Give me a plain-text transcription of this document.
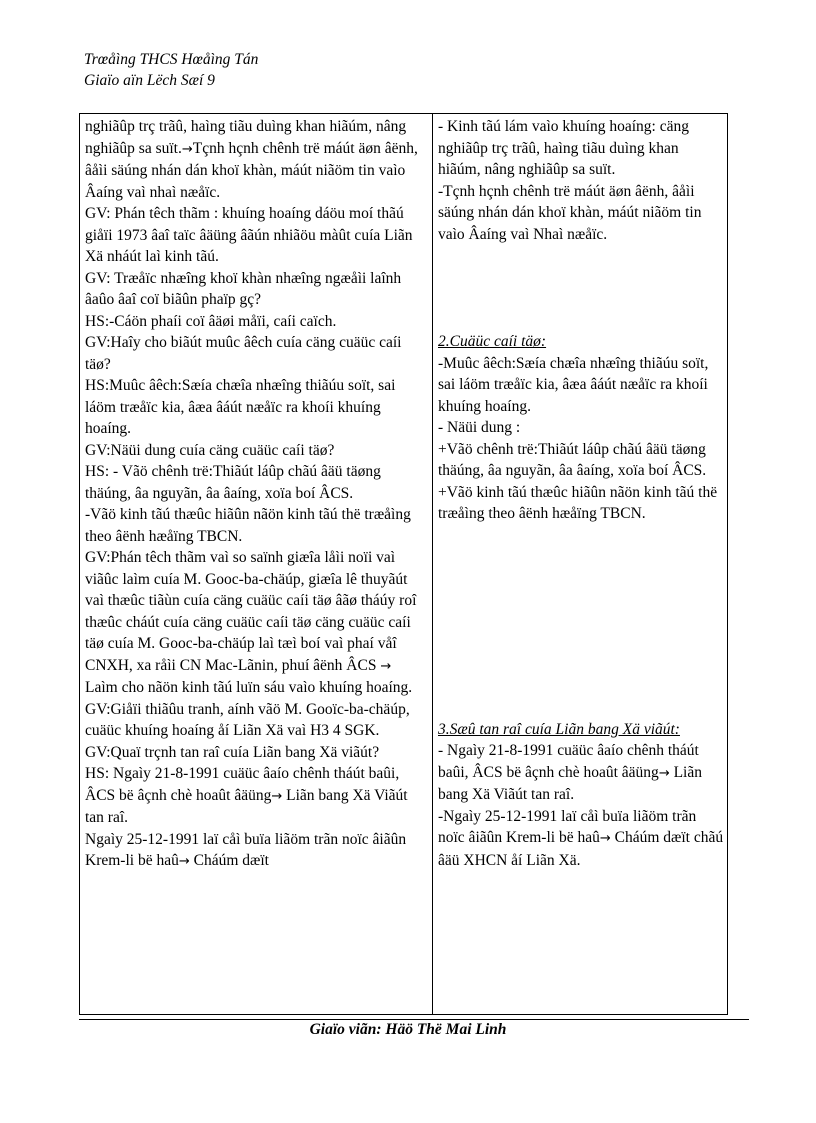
Trœåìng THCS Hœåìng Tán
Giaïo aïn Lëch Sæí 9

nghiãûp trç trãû, haìng tiãu duìng khan hiãúm, nâng nghiãûp sa suït.→Tçnh hçnh chênh trë máút äøn âënh, âåìi säúng nhán dán khoï khàn, máút niãöm tin vaìo Âaíng vaì nhaì næåïc.

GV: Phán têch thãm : khuíng hoaíng dáöu moí thãú giåïi 1973 âaî taïc âäüng âãún nhiãöu màût cuía Liãn Xä nháút laì kinh tãú.

GV: Træåïc nhæîng khoï khàn nhæîng ngæåìi laînh âaûo âaî coï biãûn phaïp gç?

HS:-Cáön phaíi coï âäøi måïi, caíi caïch.

GV:Haîy cho biãút muûc âêch cuía cäng cuäüc caíi täø?

HS:Muûc âêch:Sæía chæîa nhæîng thiãúu soït, sai láöm træåïc kia, âæa âáút næåïc ra khoíi khuíng hoaíng.

GV:Näüi dung cuía cäng cuäüc caíi täø?

HS: - Vãö chênh trë:Thiãút láûp chãú âäü täøng thäúng, âa nguyãn, âa âaíng, xoïa boí ÂCS.

-Vãö kinh tãú thæûc hiãûn nãön kinh tãú thë træåìng theo âënh hæåïng TBCN.

GV:Phán têch thãm vaì so saïnh giæîa låìi noïi vaì viãûc laìm cuía M. Gooc-ba-chäúp, giæîa lê thuyãút vaì thæûc tiãùn cuía cäng cuäüc caíi täø âãø tháúy roî thæûc cháút cuía cäng cuäüc caíi täø cäng cuäüc caíi täø cuía M. Gooc-ba-chäúp laì tæì boí vaì phaí våî CNXH, xa råìi CN Mac-Lãnin, phuí âënh ÂCS → Laìm cho nãön kinh tãú luïn sáu vaìo khuíng hoaíng.

GV:Giåïi thiãûu tranh, aính vãö M. Gooïc-ba-chäúp, cuäüc khuíng hoaíng åí Liãn Xä vaì H3 4 SGK.

GV:Quaï trçnh tan raî cuía Liãn bang Xä viãút?

HS: Ngaìy 21-8-1991 cuäüc âaío chênh tháút baûi, ÂCS bë âçnh chè hoaût âäüng→ Liãn bang Xä Viãút tan raî.

Ngaìy 25-12-1991 laï cåì buïa liãöm trãn noïc âiãûn Krem-li bë haû→ Cháúm dæït

- Kinh tãú lám vaìo khuíng hoaíng: cäng nghiãûp trç trãû, haìng tiãu duìng khan hiãúm, nâng nghiãûp sa suït.

-Tçnh hçnh chênh trë máút äøn âënh, âåìi säúng nhán dán khoï khàn, máút niãöm tin vaìo Âaíng vaì Nhaì næåïc.

2.Cuäüc caíi täø:

-Muûc âêch:Sæía chæîa nhæîng thiãúu soït, sai láöm træåïc kia, âæa âáút næåïc ra khoíi khuíng hoaíng.

- Näüi dung :

+Vãö chênh trë:Thiãút láûp chãú âäü täøng thäúng, âa nguyãn, âa âaíng, xoïa boí ÂCS.

+Vãö kinh tãú thæûc hiãûn nãön kinh tãú thë træåìng theo âënh hæåïng TBCN.

3.Sæû tan raî cuía Liãn bang Xä viãút:

- Ngaìy 21-8-1991 cuäüc âaío chênh tháút baûi, ÂCS bë âçnh chè hoaût âäüng→ Liãn bang Xä Viãút tan raî.

-Ngaìy 25-12-1991 laï cåì buïa liãöm trãn noïc âiãûn Krem-li bë haû→ Cháúm dæït chãú âäü XHCN åí Liãn Xä.

Giaïo viãn: Häö Thë Mai Linh
